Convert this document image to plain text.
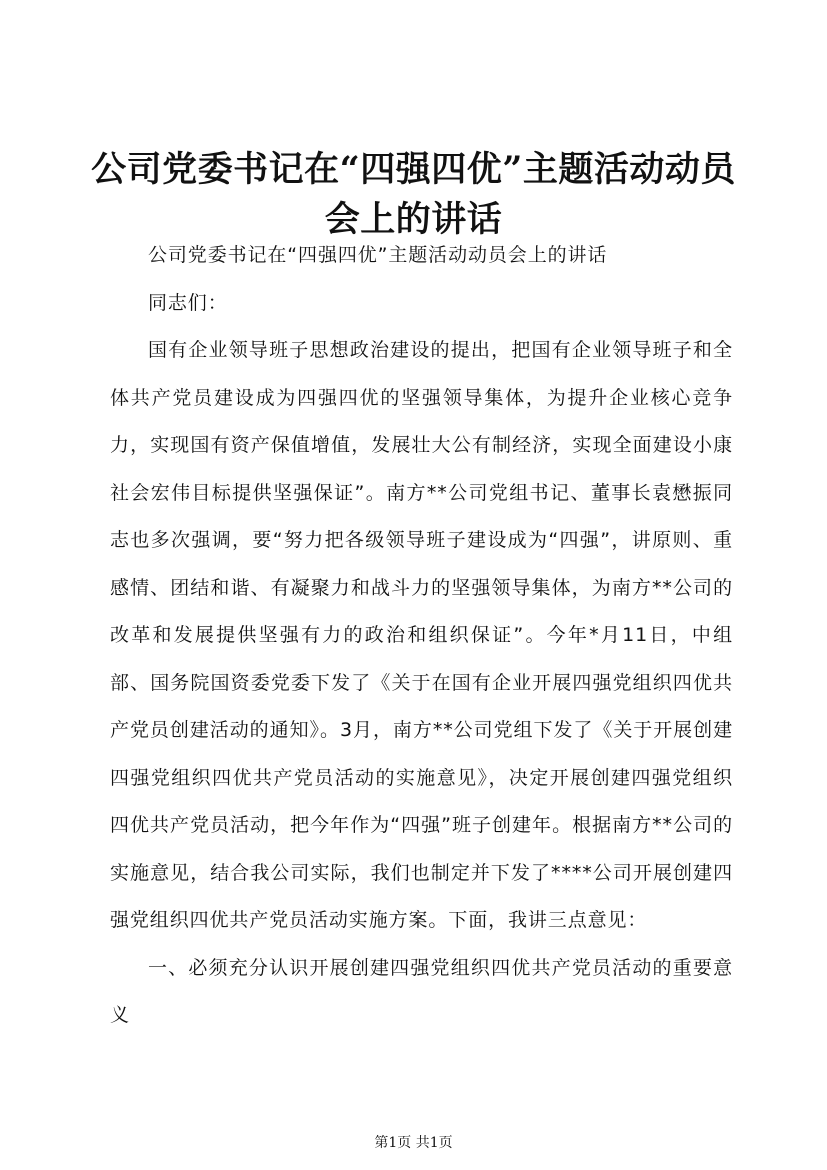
公司党委书记在“四强四优”主题活动动员会上的讲话

公司党委书记在“四强四优”主题活动动员会上的讲话

同志们：

国有企业领导班子思想政治建设的提出，把国有企业领导班子和全体共产党员建设成为四强四优的坚强领导集体，为提升企业核心竞争力，实现国有资产保值增值，发展壮大公有制经济，实现全面建设小康社会宏伟目标提供坚强保证”。南方**公司党组书记、董事长袁懋振同志也多次强调，要“努力把各级领导班子建设成为“四强”，讲原则、重感情、团结和谐、有凝聚力和战斗力的坚强领导集体，为南方**公司的改革和发展提供坚强有力的政治和组织保证”。今年*月11日，中组部、国务院国资委党委下发了《关于在国有企业开展四强党组织四优共产党员创建活动的通知》。3月，南方**公司党组下发了《关于开展创建四强党组织四优共产党员活动的实施意见》，决定开展创建四强党组织四优共产党员活动，把今年作为“四强”班子创建年。根据南方**公司的实施意见，结合我公司实际，我们也制定并下发了****公司开展创建四强党组织四优共产党员活动实施方案。下面，我讲三点意见：

一、必须充分认识开展创建四强党组织四优共产党员活动的重要意义

第1页 共1页
